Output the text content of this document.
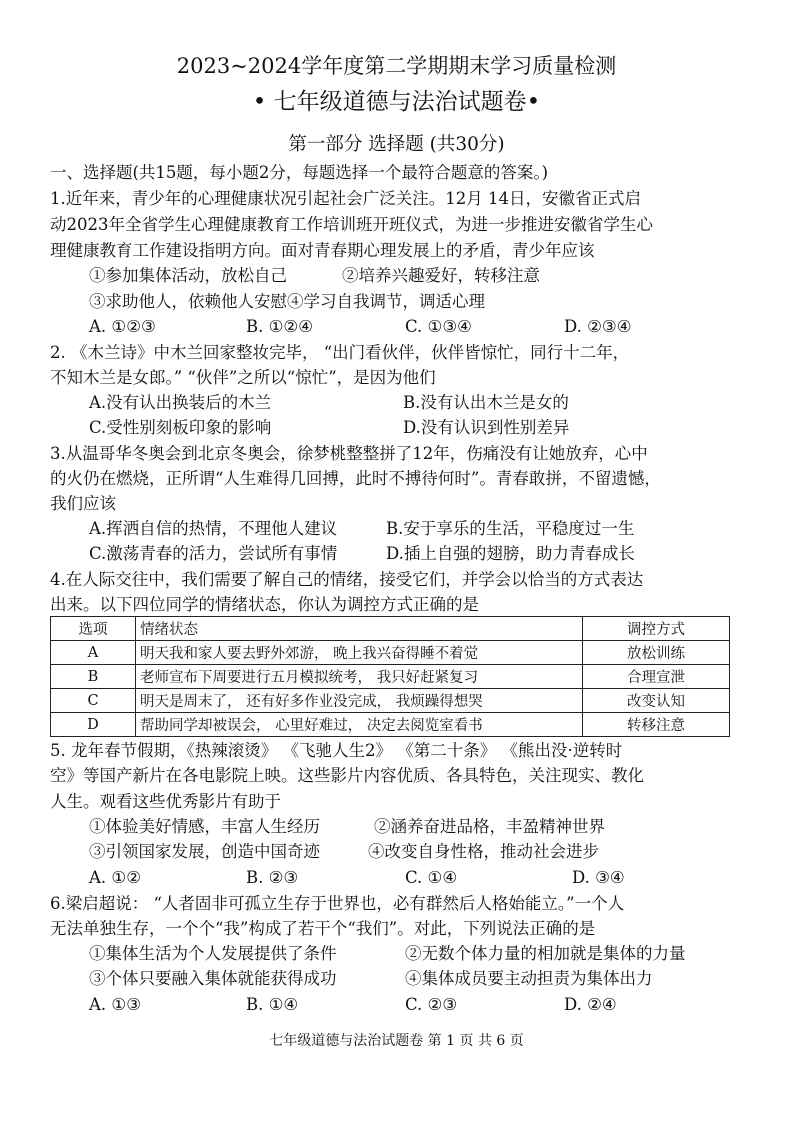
2023~2024学年度第二学期期末学习质量检测
• 七年级道德与法治试题卷•
第一部分 选择题 (共30分)
一、选择题(共15题，每小题2分，每题选择一个最符合题意的答案。)
1.近年来，青少年的心理健康状况引起社会广泛关注。12月 14日，安徽省正式启
动2023年全省学生心理健康教育工作培训班开班仪式，为进一步推进安徽省学生心
理健康教育工作建设指明方向。面对青春期心理发展上的矛盾，青少年应该
①参加集体活动，放松自己	②培养兴趣爱好，转移注意
③求助他人，依赖他人安慰④学习自我调节，调适心理
A. ①②③	B. ①②④	C. ①③④	D. ②③④
2. 《木兰诗》中木兰回家整妆完毕， “出门看伙伴，伙伴皆惊忙，同行十二年，
不知木兰是女郎。” “伙伴”之所以“惊忙”，是因为他们
A.没有认出换装后的木兰	B.没有认出木兰是女的
C.受性别刻板印象的影响	D.没有认识到性别差异
3.从温哥华冬奥会到北京冬奥会，徐梦桃整整拼了12年，伤痛没有让她放弃，心中
的火仍在燃烧，正所谓“人生难得几回搏，此时不搏待何时”。青春敢拼，不留遗憾，
我们应该
A.挥洒自信的热情，不理他人建议	B.安于享乐的生活，平稳度过一生
C.激荡青春的活力，尝试所有事情	D.插上自强的翅膀，助力青春成长
4.在人际交往中，我们需要了解自己的情绪，接受它们，并学会以恰当的方式表达
出来。以下四位同学的情绪状态，你认为调控方式正确的是
选项	情绪状态	调控方式
A	明天我和家人要去野外郊游， 晚上我兴奋得睡不着觉	放松训练
B	老师宣布下周要进行五月模拟统考， 我只好赶紧复习	合理宣泄
C	明天是周末了， 还有好多作业没完成， 我烦躁得想哭	改变认知
D	帮助同学却被误会， 心里好难过， 决定去阅览室看书	转移注意
5. 龙年春节假期，《热辣滚烫》 《飞驰人生2》 《第二十条》 《熊出没·逆转时
空》等国产新片在各电影院上映。这些影片内容优质、各具特色，关注现实、教化
人生。观看这些优秀影片有助于
①体验美好情感，丰富人生经历	②涵养奋进品格，丰盈精神世界
③引领国家发展，创造中国奇迹	④改变自身性格，推动社会进步
A. ①②	B. ②③	C. ①④	D. ③④
6.梁启超说： “人者固非可孤立生存于世界也，必有群然后人格始能立。”一个人
无法单独生存，一个个“我”构成了若干个“我们”。对此，下列说法正确的是
①集体生活为个人发展提供了条件	②无数个体力量的相加就是集体的力量
③个体只要融入集体就能获得成功	④集体成员要主动担责为集体出力
A. ①③	B. ①④	C. ②③	D. ②④
七年级道德与法治试题卷 第 1 页 共 6 页
